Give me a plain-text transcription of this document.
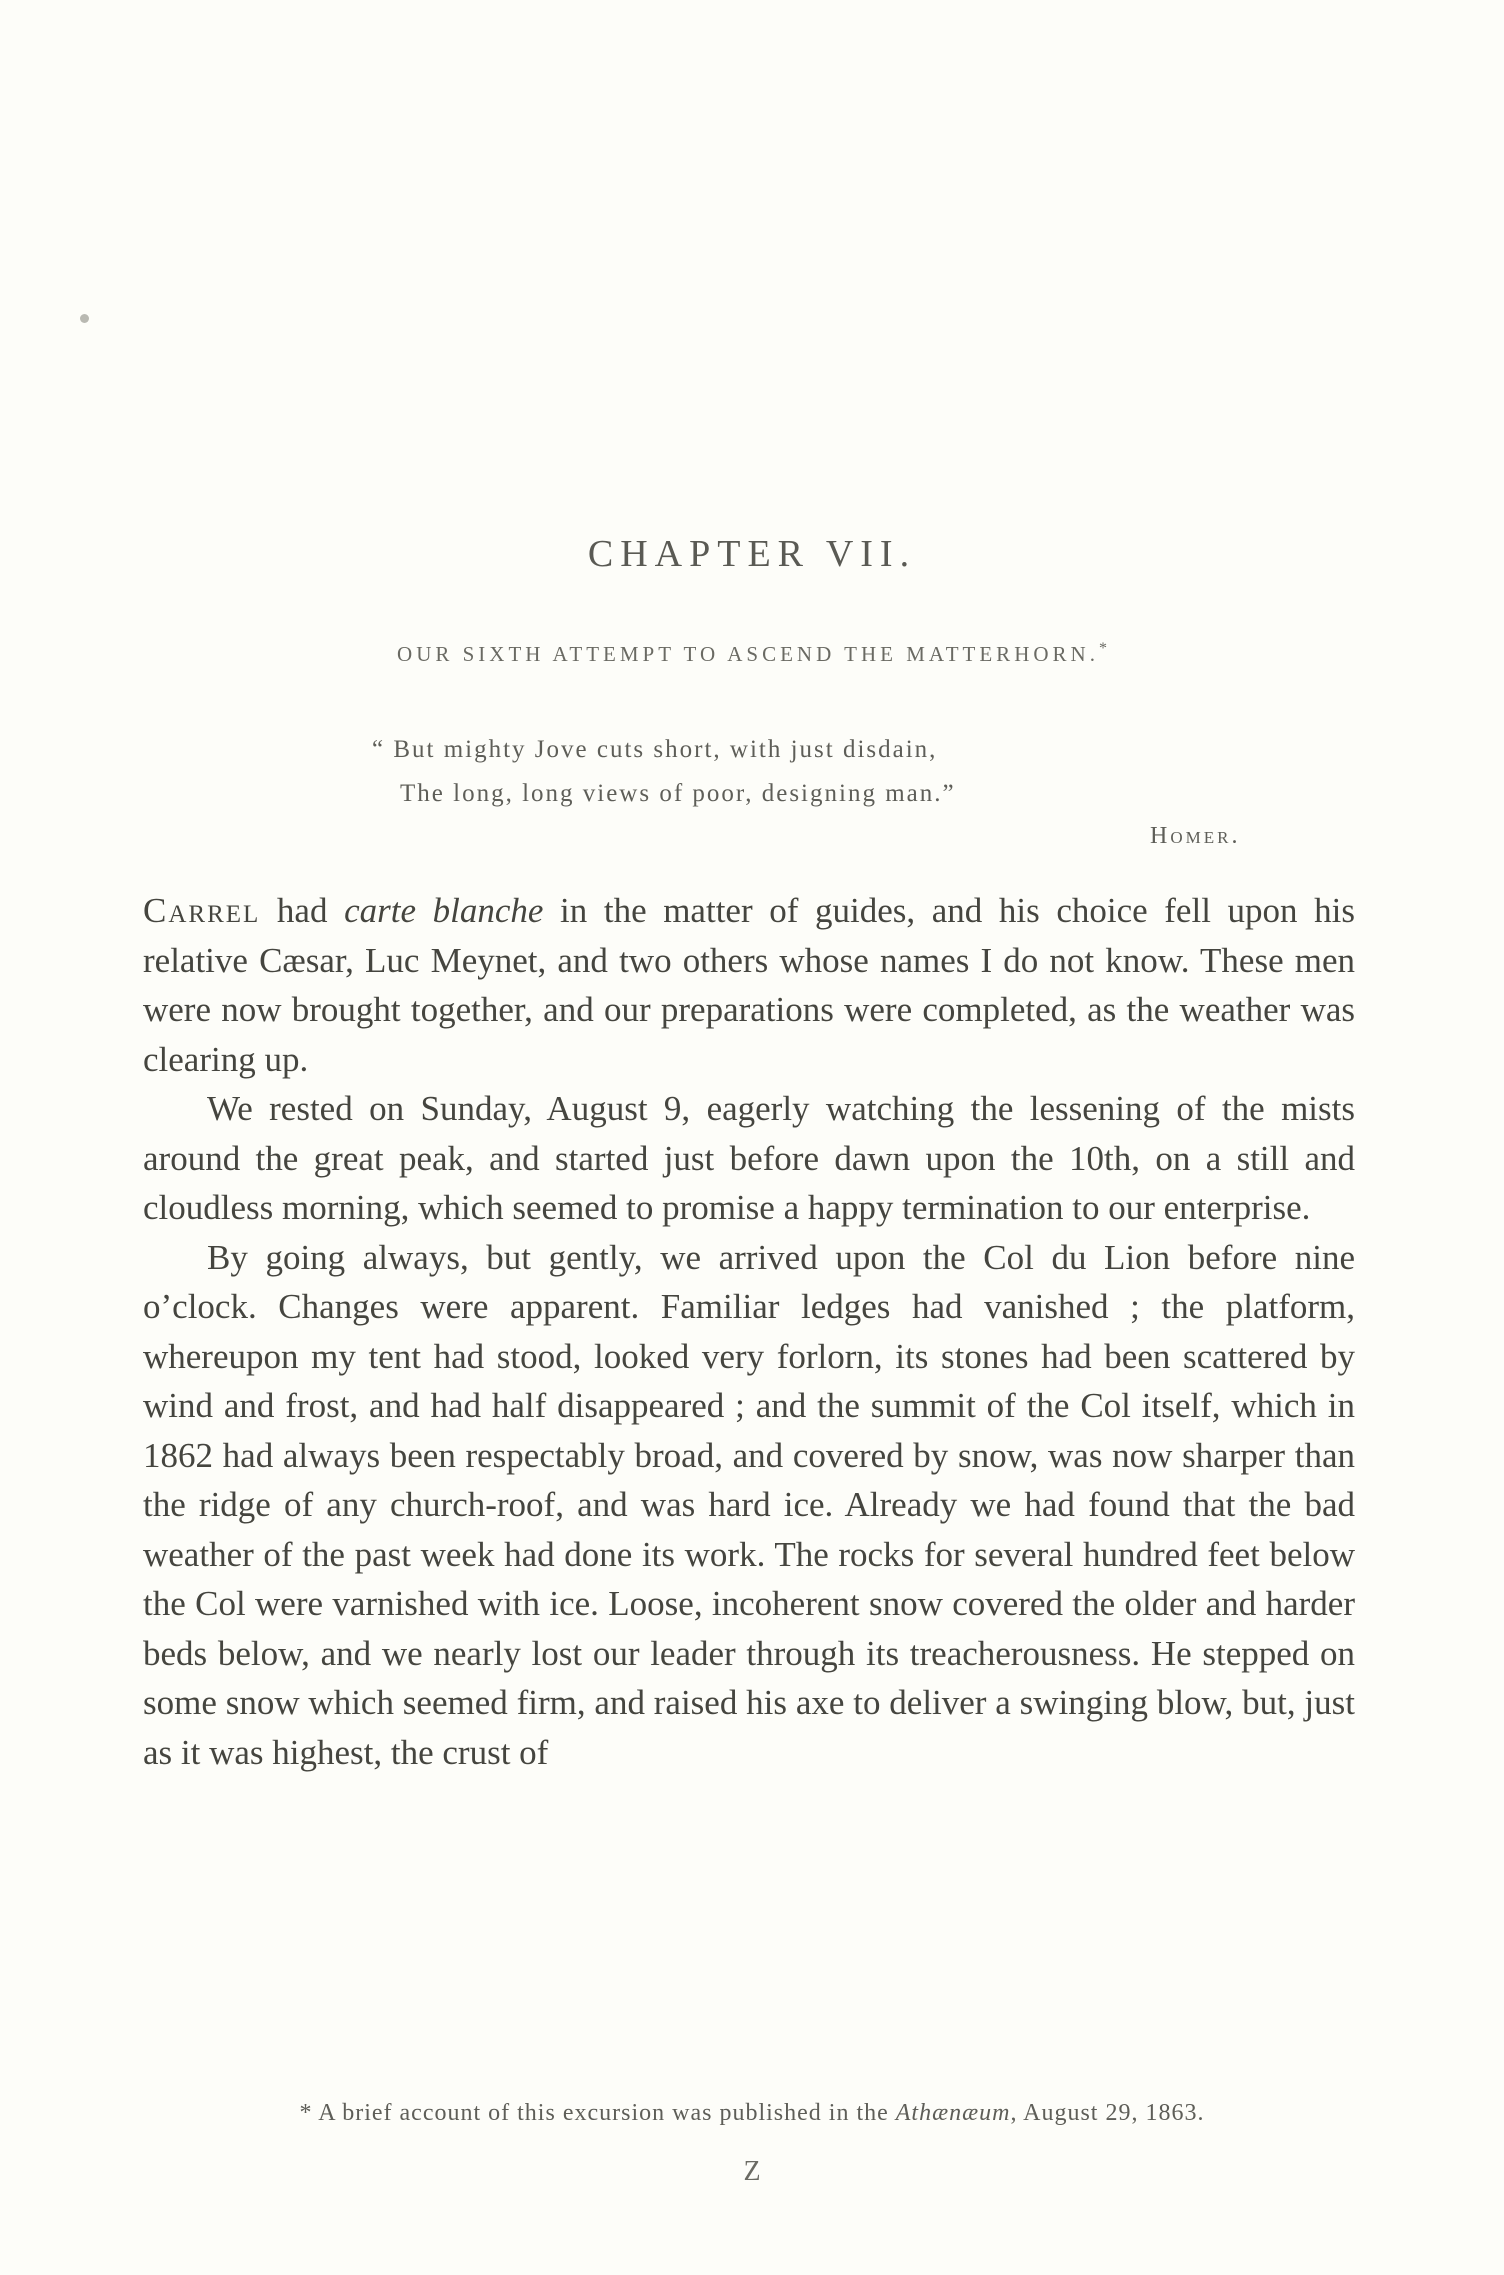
CHAPTER VII.
OUR SIXTH ATTEMPT TO ASCEND THE MATTERHORN.*
“ But mighty Jove cuts short, with just disdain,
The long, long views of poor, designing man.”
Homer.

Carrel had carte blanche in the matter of guides, and his choice fell upon his relative Cæsar, Luc Meynet, and two others whose names I do not know. These men were now brought together, and our preparations were completed, as the weather was clearing up.

We rested on Sunday, August 9, eagerly watching the lessening of the mists around the great peak, and started just before dawn upon the 10th, on a still and cloudless morning, which seemed to promise a happy termination to our enterprise.

By going always, but gently, we arrived upon the Col du Lion before nine o’clock. Changes were apparent. Familiar ledges had vanished ; the platform, whereupon my tent had stood, looked very forlorn, its stones had been scattered by wind and frost, and had half disappeared ; and the summit of the Col itself, which in 1862 had always been respectably broad, and covered by snow, was now sharper than the ridge of any church-roof, and was hard ice. Already we had found that the bad weather of the past week had done its work. The rocks for several hundred feet below the Col were varnished with ice. Loose, incoherent snow covered the older and harder beds below, and we nearly lost our leader through its treacherousness. He stepped on some snow which seemed firm, and raised his axe to deliver a swinging blow, but, just as it was highest, the crust of

* A brief account of this excursion was published in the Athænæum, August 29, 1863.
Z
